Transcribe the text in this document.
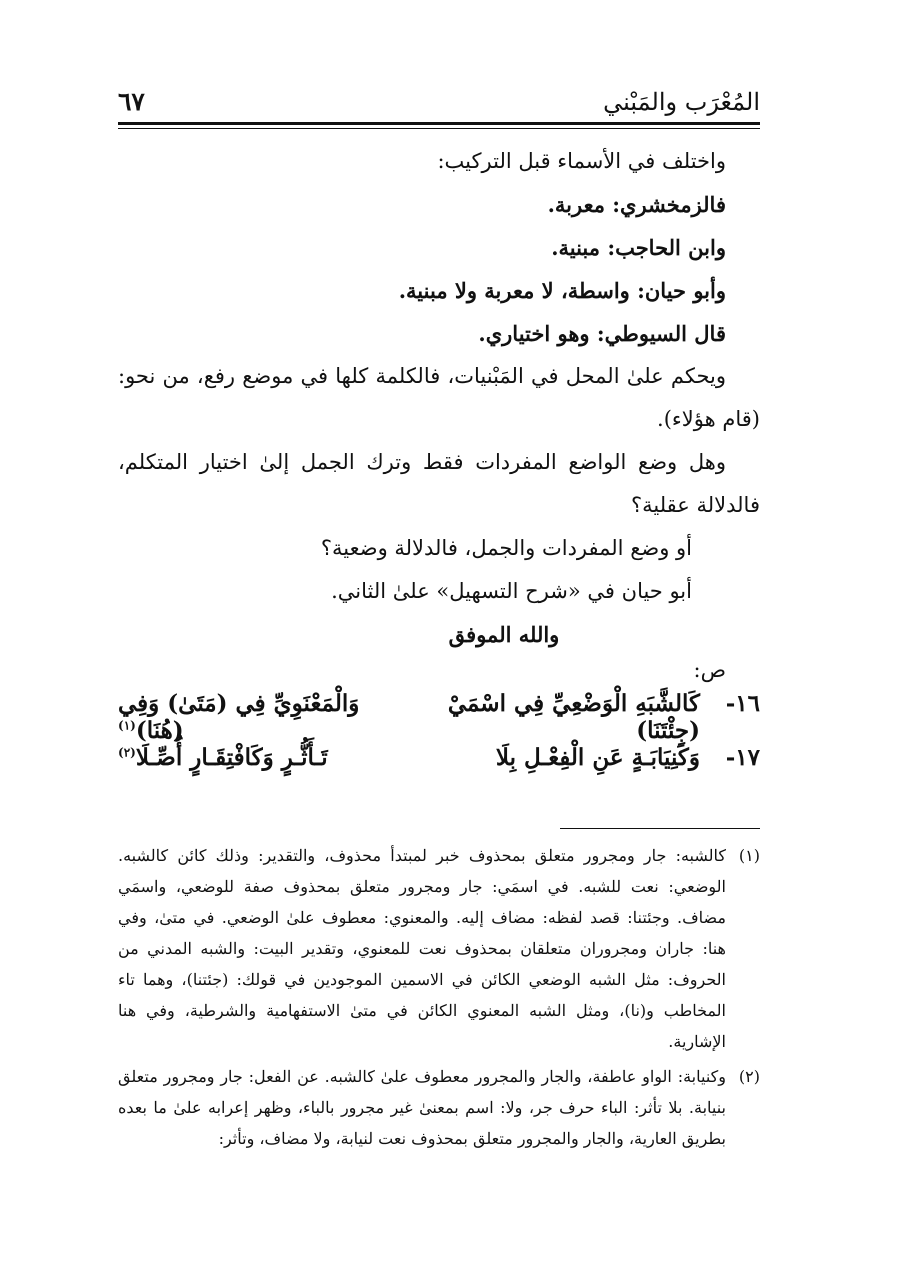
المُعْرَب والمَبْني
٦٧

واختلف في الأسماء قبل التركيب:

فالزمخشري: معربة.

وابن الحاجب: مبنية.

وأبو حيان: واسطة، لا معربة ولا مبنية.

قال السيوطي: وهو اختياري.

ويحكم علىٰ المحل في المَبْنيات، فالكلمة كلها في موضع رفع، من نحو: (قام هؤلاء).

وهل وضع الواضع المفردات فقط وترك الجمل إلىٰ اختيار المتكلم، فالدلالة عقلية؟

أو وضع المفردات والجمل، فالدلالة وضعية؟

أبو حيان في «شرح التسهيل» علىٰ الثاني.

والله الموفق

ص:

١٦-
كَالشَّبَهِ الْوَضْعِيِّ فِي اسْمَيْ (جِئْتَنَا)
وَالْمَعْنَوِيِّ فِي (مَتَىٰ) وَفِي (هُنَا)$^{(١)}$
١٧-
وَكَنِيَابَـةٍ عَنِ الْفِعْـلِ بِلَا
تَـأَثُّـرٍ وَكَافْتِقَـارٍ أُصِّـلَا$^{(٢)}$
(١)
كالشبه: جار ومجرور متعلق بمحذوف خبر لمبتدأ محذوف، والتقدير: وذلك كائن كالشبه. الوضعي: نعت للشبه. في اسمَي: جار ومجرور متعلق بمحذوف صفة للوضعي، واسمَي مضاف. وجئتنا: قصد لفظه: مضاف إليه. والمعنوي: معطوف علىٰ الوضعي. في متىٰ، وفي هنا: جاران ومجروران متعلقان بمحذوف نعت للمعنوي، وتقدير البيت: والشبه المدني من الحروف: مثل الشبه الوضعي الكائن في الاسمين الموجودين في قولك: (جئتنا)، وهما تاء المخاطب و(نا)، ومثل الشبه المعنوي الكائن في متىٰ الاستفهامية والشرطية، وفي هنا الإشارية.
(٢)
وكنيابة: الواو عاطفة، والجار والمجرور معطوف علىٰ كالشبه. عن الفعل: جار ومجرور متعلق بنيابة. بلا تأثر: الباء حرف جر، ولا: اسم بمعنىٰ غير مجرور بالباء، وظهر إعرابه علىٰ ما بعده بطريق العارية، والجار والمجرور متعلق بمحذوف نعت لنيابة، ولا مضاف، وتأثر:
